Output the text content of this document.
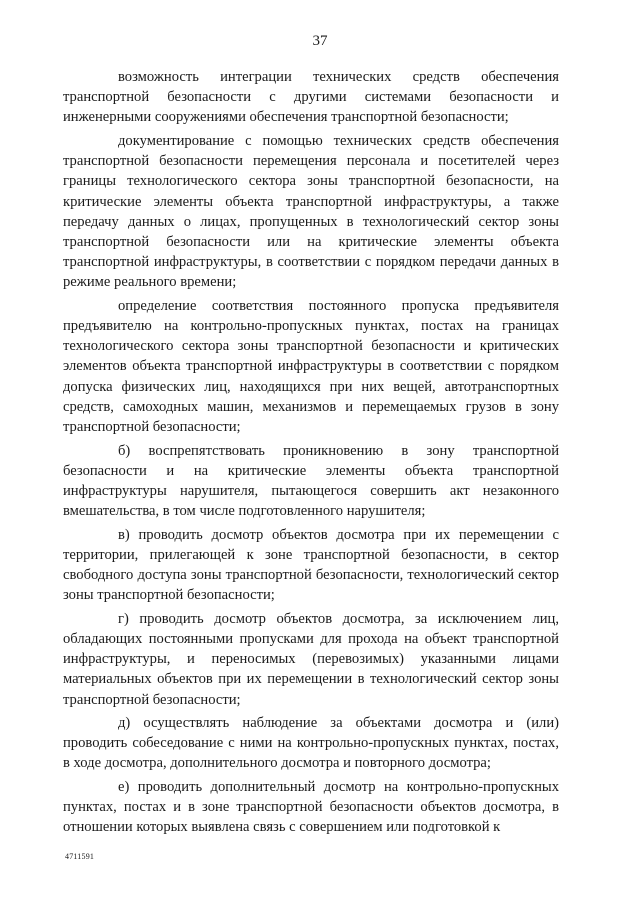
37

возможность интеграции технических средств обеспечения транспортной безопасности с другими системами безопасности и инженерными сооружениями обеспечения транспортной безопасности;

документирование с помощью технических средств обеспечения транспортной безопасности перемещения персонала и посетителей через границы технологического сектора зоны транспортной безопасности, на критические элементы объекта транспортной инфраструктуры, а также передачу данных о лицах, пропущенных в технологический сектор зоны транспортной безопасности или на критические элементы объекта транспортной инфраструктуры, в соответствии с порядком передачи данных в режиме реального времени;

определение соответствия постоянного пропуска предъявителя предъявителю на контрольно-пропускных пунктах, постах на границах технологического сектора зоны транспортной безопасности и критических элементов объекта транспортной инфраструктуры в соответствии с порядком допуска физических лиц, находящихся при них вещей, автотранспортных средств, самоходных машин, механизмов и перемещаемых грузов в зону транспортной безопасности;

б) воспрепятствовать проникновению в зону транспортной безопасности и на критические элементы объекта транспортной инфраструктуры нарушителя, пытающегося совершить акт незаконного вмешательства, в том числе подготовленного нарушителя;

в) проводить досмотр объектов досмотра при их перемещении с территории, прилегающей к зоне транспортной безопасности, в сектор свободного доступа зоны транспортной безопасности, технологический сектор зоны транспортной безопасности;

г) проводить досмотр объектов досмотра, за исключением лиц, обладающих постоянными пропусками для прохода на объект транспортной инфраструктуры, и переносимых (перевозимых) указанными лицами материальных объектов при их перемещении в технологический сектор зоны транспортной безопасности;

д) осуществлять наблюдение за объектами досмотра и (или) проводить собеседование с ними на контрольно-пропускных пунктах, постах, в ходе досмотра, дополнительного досмотра и повторного досмотра;

е) проводить дополнительный досмотр на контрольно-пропускных пунктах, постах и в зоне транспортной безопасности объектов досмотра, в отношении которых выявлена связь с совершением или подготовкой к

4711591
